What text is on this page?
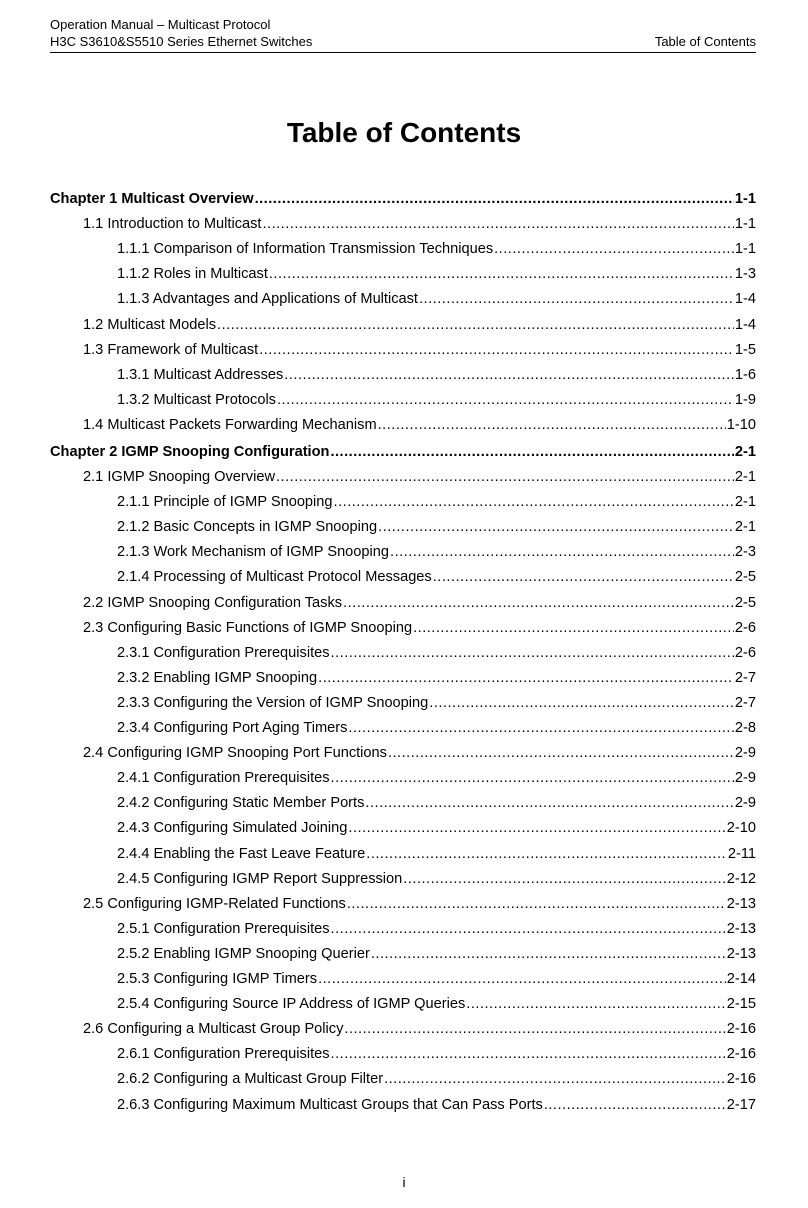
Operation Manual – Multicast Protocol
H3C S3610&S5510 Series Ethernet Switches	Table of Contents
Table of Contents
Chapter 1 Multicast Overview .....	1-1
1.1 Introduction to Multicast .....	1-1
1.1.1 Comparison of Information Transmission Techniques .....	1-1
1.1.2 Roles in Multicast .....	1-3
1.1.3 Advantages and Applications of Multicast .....	1-4
1.2 Multicast Models .....	1-4
1.3 Framework of Multicast .....	1-5
1.3.1 Multicast Addresses .....	1-6
1.3.2 Multicast Protocols .....	1-9
1.4 Multicast Packets Forwarding Mechanism .....	1-10
Chapter 2 IGMP Snooping Configuration .....	2-1
2.1 IGMP Snooping Overview .....	2-1
2.1.1 Principle of IGMP Snooping .....	2-1
2.1.2 Basic Concepts in IGMP Snooping .....	2-1
2.1.3 Work Mechanism of IGMP Snooping .....	2-3
2.1.4 Processing of Multicast Protocol Messages .....	2-5
2.2 IGMP Snooping Configuration Tasks .....	2-5
2.3 Configuring Basic Functions of IGMP Snooping .....	2-6
2.3.1 Configuration Prerequisites .....	2-6
2.3.2 Enabling IGMP Snooping .....	2-7
2.3.3 Configuring the Version of IGMP Snooping .....	2-7
2.3.4 Configuring Port Aging Timers .....	2-8
2.4 Configuring IGMP Snooping Port Functions .....	2-9
2.4.1 Configuration Prerequisites .....	2-9
2.4.2 Configuring Static Member Ports .....	2-9
2.4.3 Configuring Simulated Joining .....	2-10
2.4.4 Enabling the Fast Leave Feature .....	2-11
2.4.5 Configuring IGMP Report Suppression .....	2-12
2.5 Configuring IGMP-Related Functions .....	2-13
2.5.1 Configuration Prerequisites .....	2-13
2.5.2 Enabling IGMP Snooping Querier .....	2-13
2.5.3 Configuring IGMP Timers .....	2-14
2.5.4 Configuring Source IP Address of IGMP Queries .....	2-15
2.6 Configuring a Multicast Group Policy .....	2-16
2.6.1 Configuration Prerequisites .....	2-16
2.6.2 Configuring a Multicast Group Filter .....	2-16
2.6.3 Configuring Maximum Multicast Groups that Can Pass Ports .....	2-17
i
